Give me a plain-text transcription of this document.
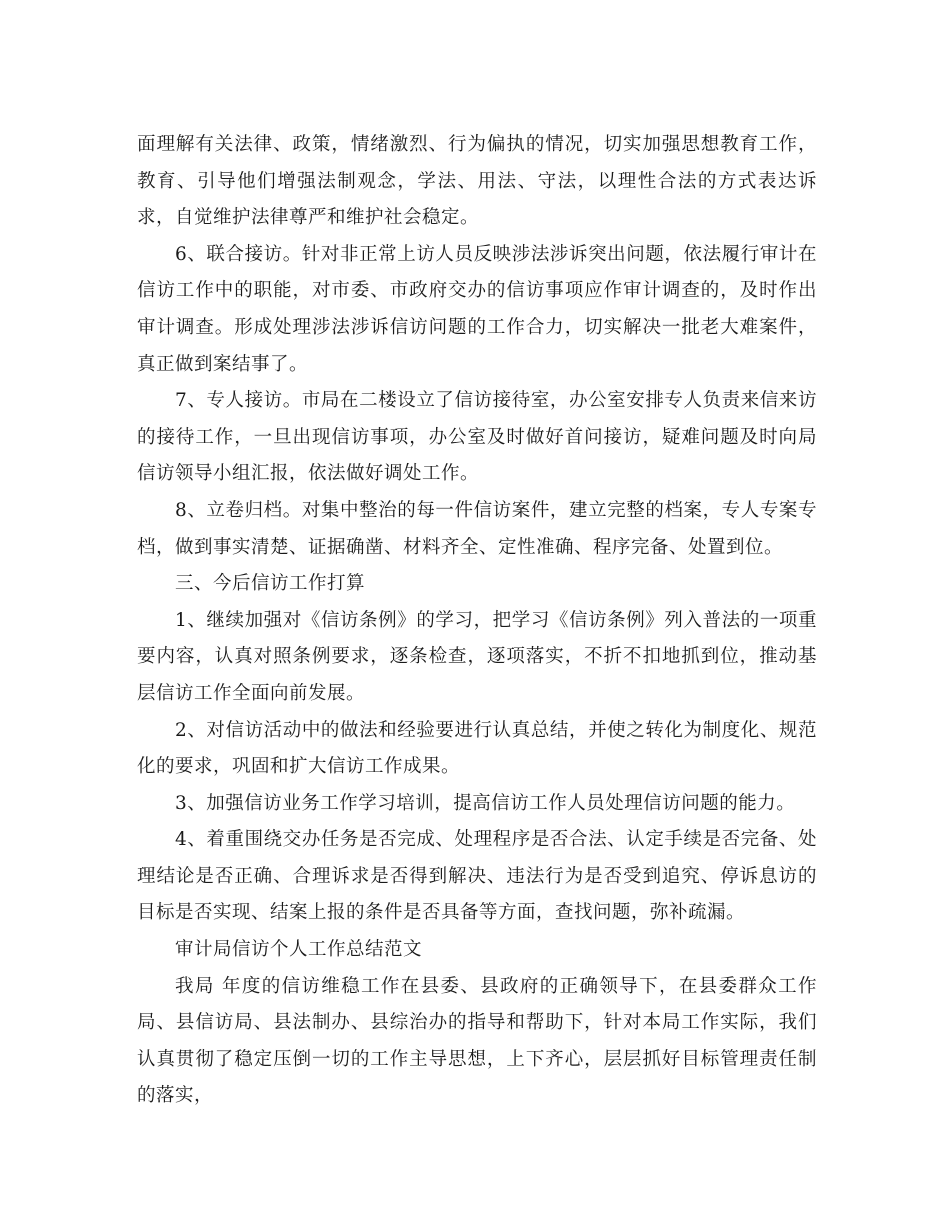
面理解有关法律、政策，情绪激烈、行为偏执的情况，切实加强思想教育工作，教育、引导他们增强法制观念，学法、用法、守法，以理性合法的方式表达诉求，自觉维护法律尊严和维护社会稳定。

6、联合接访。针对非正常上访人员反映涉法涉诉突出问题，依法履行审计在信访工作中的职能，对市委、市政府交办的信访事项应作审计调查的，及时作出审计调查。形成处理涉法涉诉信访问题的工作合力，切实解决一批老大难案件，真正做到案结事了。

7、专人接访。市局在二楼设立了信访接待室，办公室安排专人负责来信来访的接待工作，一旦出现信访事项，办公室及时做好首问接访，疑难问题及时向局信访领导小组汇报，依法做好调处工作。

8、立卷归档。对集中整治的每一件信访案件，建立完整的档案，专人专案专档，做到事实清楚、证据确凿、材料齐全、定性准确、程序完备、处置到位。

三、今后信访工作打算

1、继续加强对《信访条例》的学习，把学习《信访条例》列入普法的一项重要内容，认真对照条例要求，逐条检查，逐项落实，不折不扣地抓到位，推动基层信访工作全面向前发展。

2、对信访活动中的做法和经验要进行认真总结，并使之转化为制度化、规范化的要求，巩固和扩大信访工作成果。

3、加强信访业务工作学习培训，提高信访工作人员处理信访问题的能力。

4、着重围绕交办任务是否完成、处理程序是否合法、认定手续是否完备、处理结论是否正确、合理诉求是否得到解决、违法行为是否受到追究、停诉息访的目标是否实现、结案上报的条件是否具备等方面，查找问题，弥补疏漏。

审计局信访个人工作总结范文

我局 年度的信访维稳工作在县委、县政府的正确领导下，在县委群众工作局、县信访局、县法制办、县综治办的指导和帮助下，针对本局工作实际，我们认真贯彻了稳定压倒一切的工作主导思想，上下齐心，层层抓好目标管理责任制的落实，
